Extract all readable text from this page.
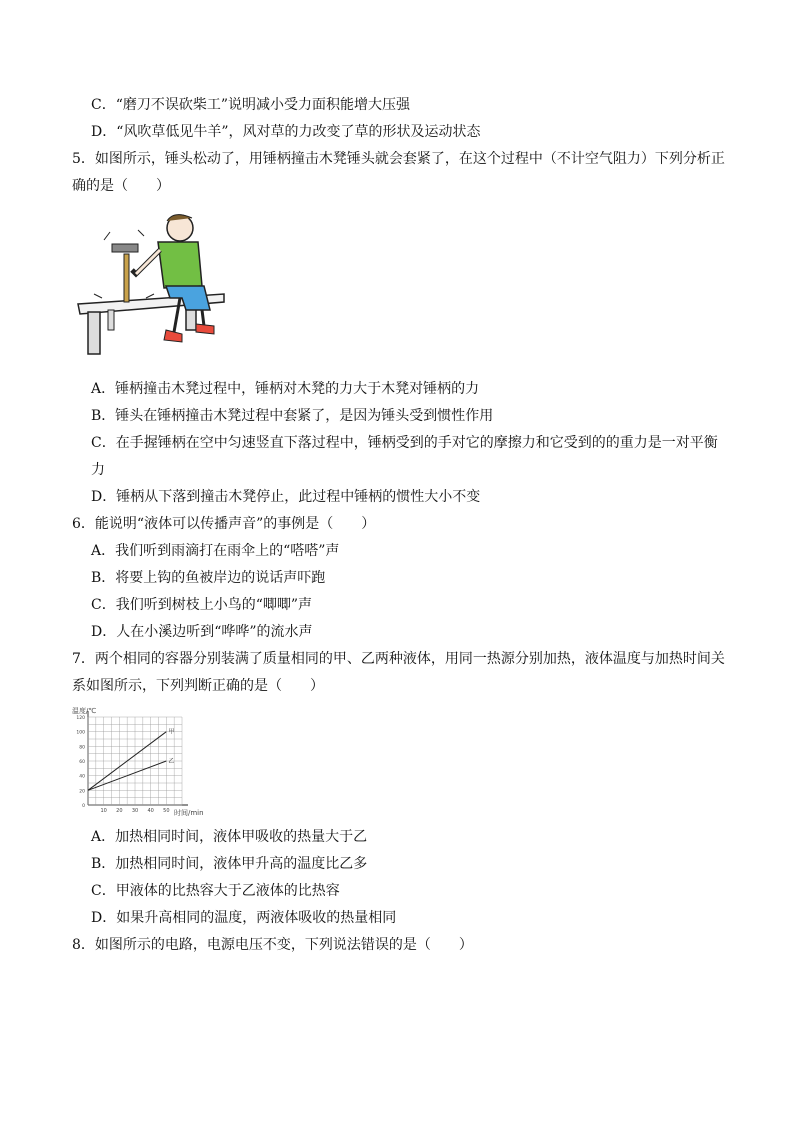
C．“磨刀不误砍柴工”说明减小受力面积能增大压强
D．“风吹草低见牛羊”，风对草的力改变了草的形状及运动状态
5．如图所示，锤头松动了，用锤柄撞击木凳锤头就会套紧了，在这个过程中（不计空气阻力）下列分析正
确的是（　　）
A．锤柄撞击木凳过程中，锤柄对木凳的力大于木凳对锤柄的力
B．锤头在锤柄撞击木凳过程中套紧了，是因为锤头受到惯性作用
C．在手握锤柄在空中匀速竖直下落过程中，锤柄受到的手对它的摩擦力和它受到的的重力是一对平衡
力
D．锤柄从下落到撞击木凳停止，此过程中锤柄的惯性大小不变
6．能说明“液体可以传播声音”的事例是（　　）
A．我们听到雨滴打在雨伞上的“嗒嗒”声
B．将要上钩的鱼被岸边的说话声吓跑
C．我们听到树枝上小鸟的“唧唧”声
D．人在小溪边听到“哗哗”的流水声
7．两个相同的容器分别装满了质量相同的甲、乙两种液体，用同一热源分别加热，液体温度与加热时间关
系如图所示，下列判断正确的是（　　）
120
100
80
60
40
20
0
50
40
30
20
10
温度/℃
时间/min
甲
乙
A．加热相同时间，液体甲吸收的热量大于乙
B．加热相同时间，液体甲升高的温度比乙多
C．甲液体的比热容大于乙液体的比热容
D．如果升高相同的温度，两液体吸收的热量相同
8．如图所示的电路，电源电压不变，下列说法错误的是（　　）
